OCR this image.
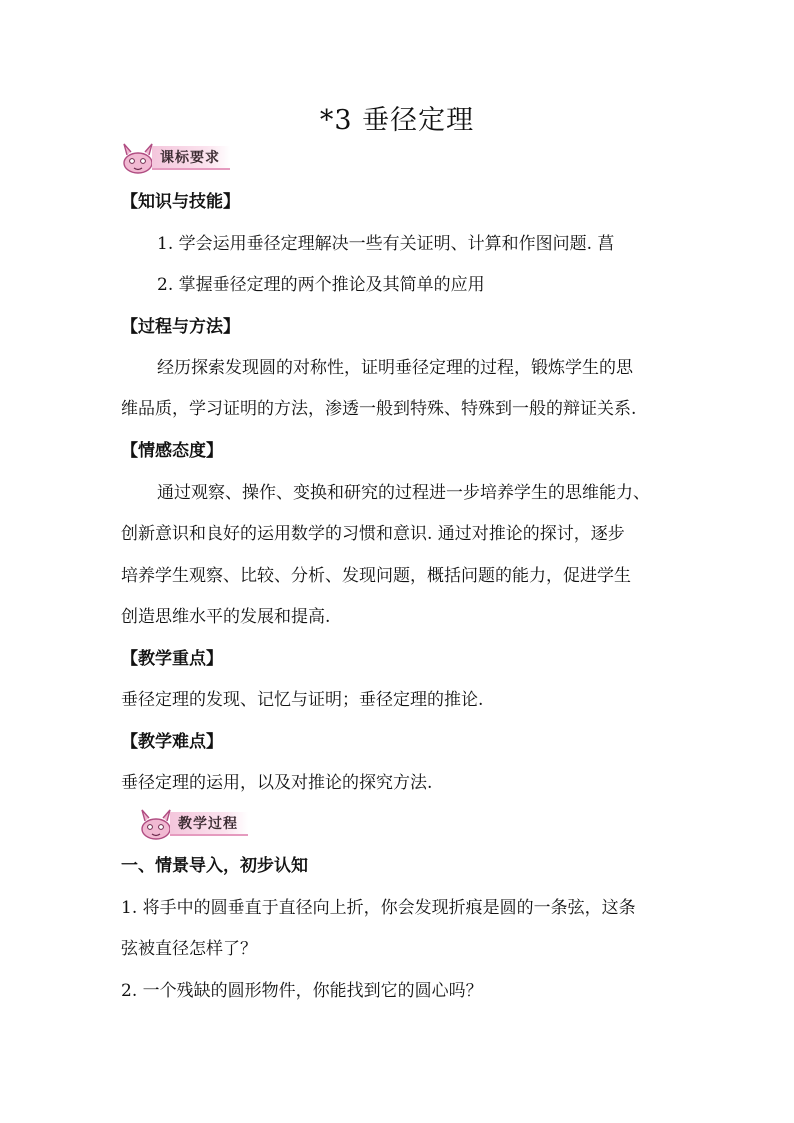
*3 垂径定理
课标要求
【知识与技能】
1. 学会运用垂径定理解决一些有关证明、计算和作图问题. 菖
2. 掌握垂径定理的两个推论及其简单的应用
【过程与方法】
经历探索发现圆的对称性，证明垂径定理的过程，锻炼学生的思
维品质，学习证明的方法，渗透一般到特殊、特殊到一般的辩证关系.
【情感态度】
通过观察、操作、变换和研究的过程进一步培养学生的思维能力、
创新意识和良好的运用数学的习惯和意识. 通过对推论的探讨，逐步
培养学生观察、比较、分析、发现问题，概括问题的能力，促进学生
创造思维水平的发展和提高.
【教学重点】
垂径定理的发现、记忆与证明；垂径定理的推论.
【教学难点】
垂径定理的运用，以及对推论的探究方法.
教学过程
一、情景导入，初步认知
1. 将手中的圆垂直于直径向上折，你会发现折痕是圆的一条弦，这条
弦被直径怎样了？
2. 一个残缺的圆形物件，你能找到它的圆心吗？
